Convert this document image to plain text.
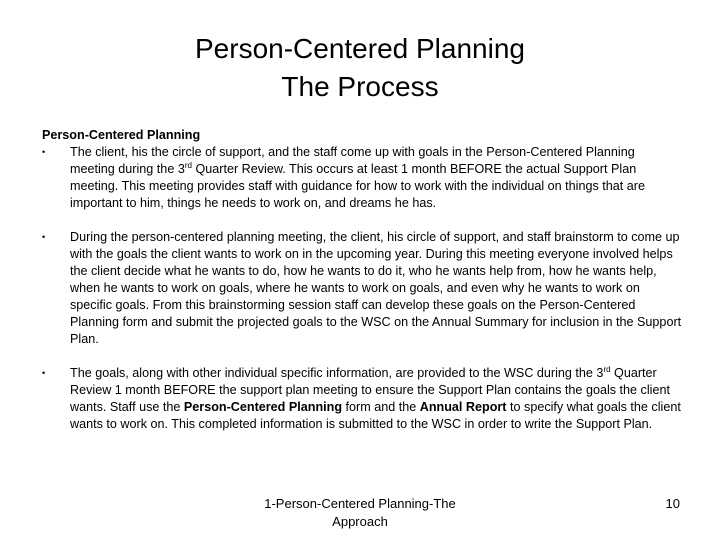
Person-Centered Planning
The Process

Person-Centered Planning

• The client, his the circle of support, and the staff come up with goals in the Person-Centered Planning meeting during the 3rd Quarter Review. This occurs at least 1 month BEFORE the actual Support Plan meeting. This meeting provides staff with guidance for how to work with the individual on things that are important to him, things he needs to work on, and dreams he has.
• During the person-centered planning meeting, the client, his circle of support, and staff brainstorm to come up with the goals the client wants to work on in the upcoming year. During this meeting everyone involved helps the client decide what he wants to do, how he wants to do it, who he wants help from, how he wants help, when he wants to work on goals, where he wants to work on goals, and even why he wants to work on specific goals. From this brainstorming session staff can develop these goals on the Person-Centered Planning form and submit the projected goals to the WSC on the Annual Summary for inclusion in the Support Plan.
• The goals, along with other individual specific information, are provided to the WSC during the 3rd Quarter Review 1 month BEFORE the support plan meeting to ensure the Support Plan contains the goals the client wants. Staff use the Person-Centered Planning form and the Annual Report to specify what goals the client wants to work on. This completed information is submitted to the WSC in order to write the Support Plan.
1-Person-Centered Planning-The Approach
10
